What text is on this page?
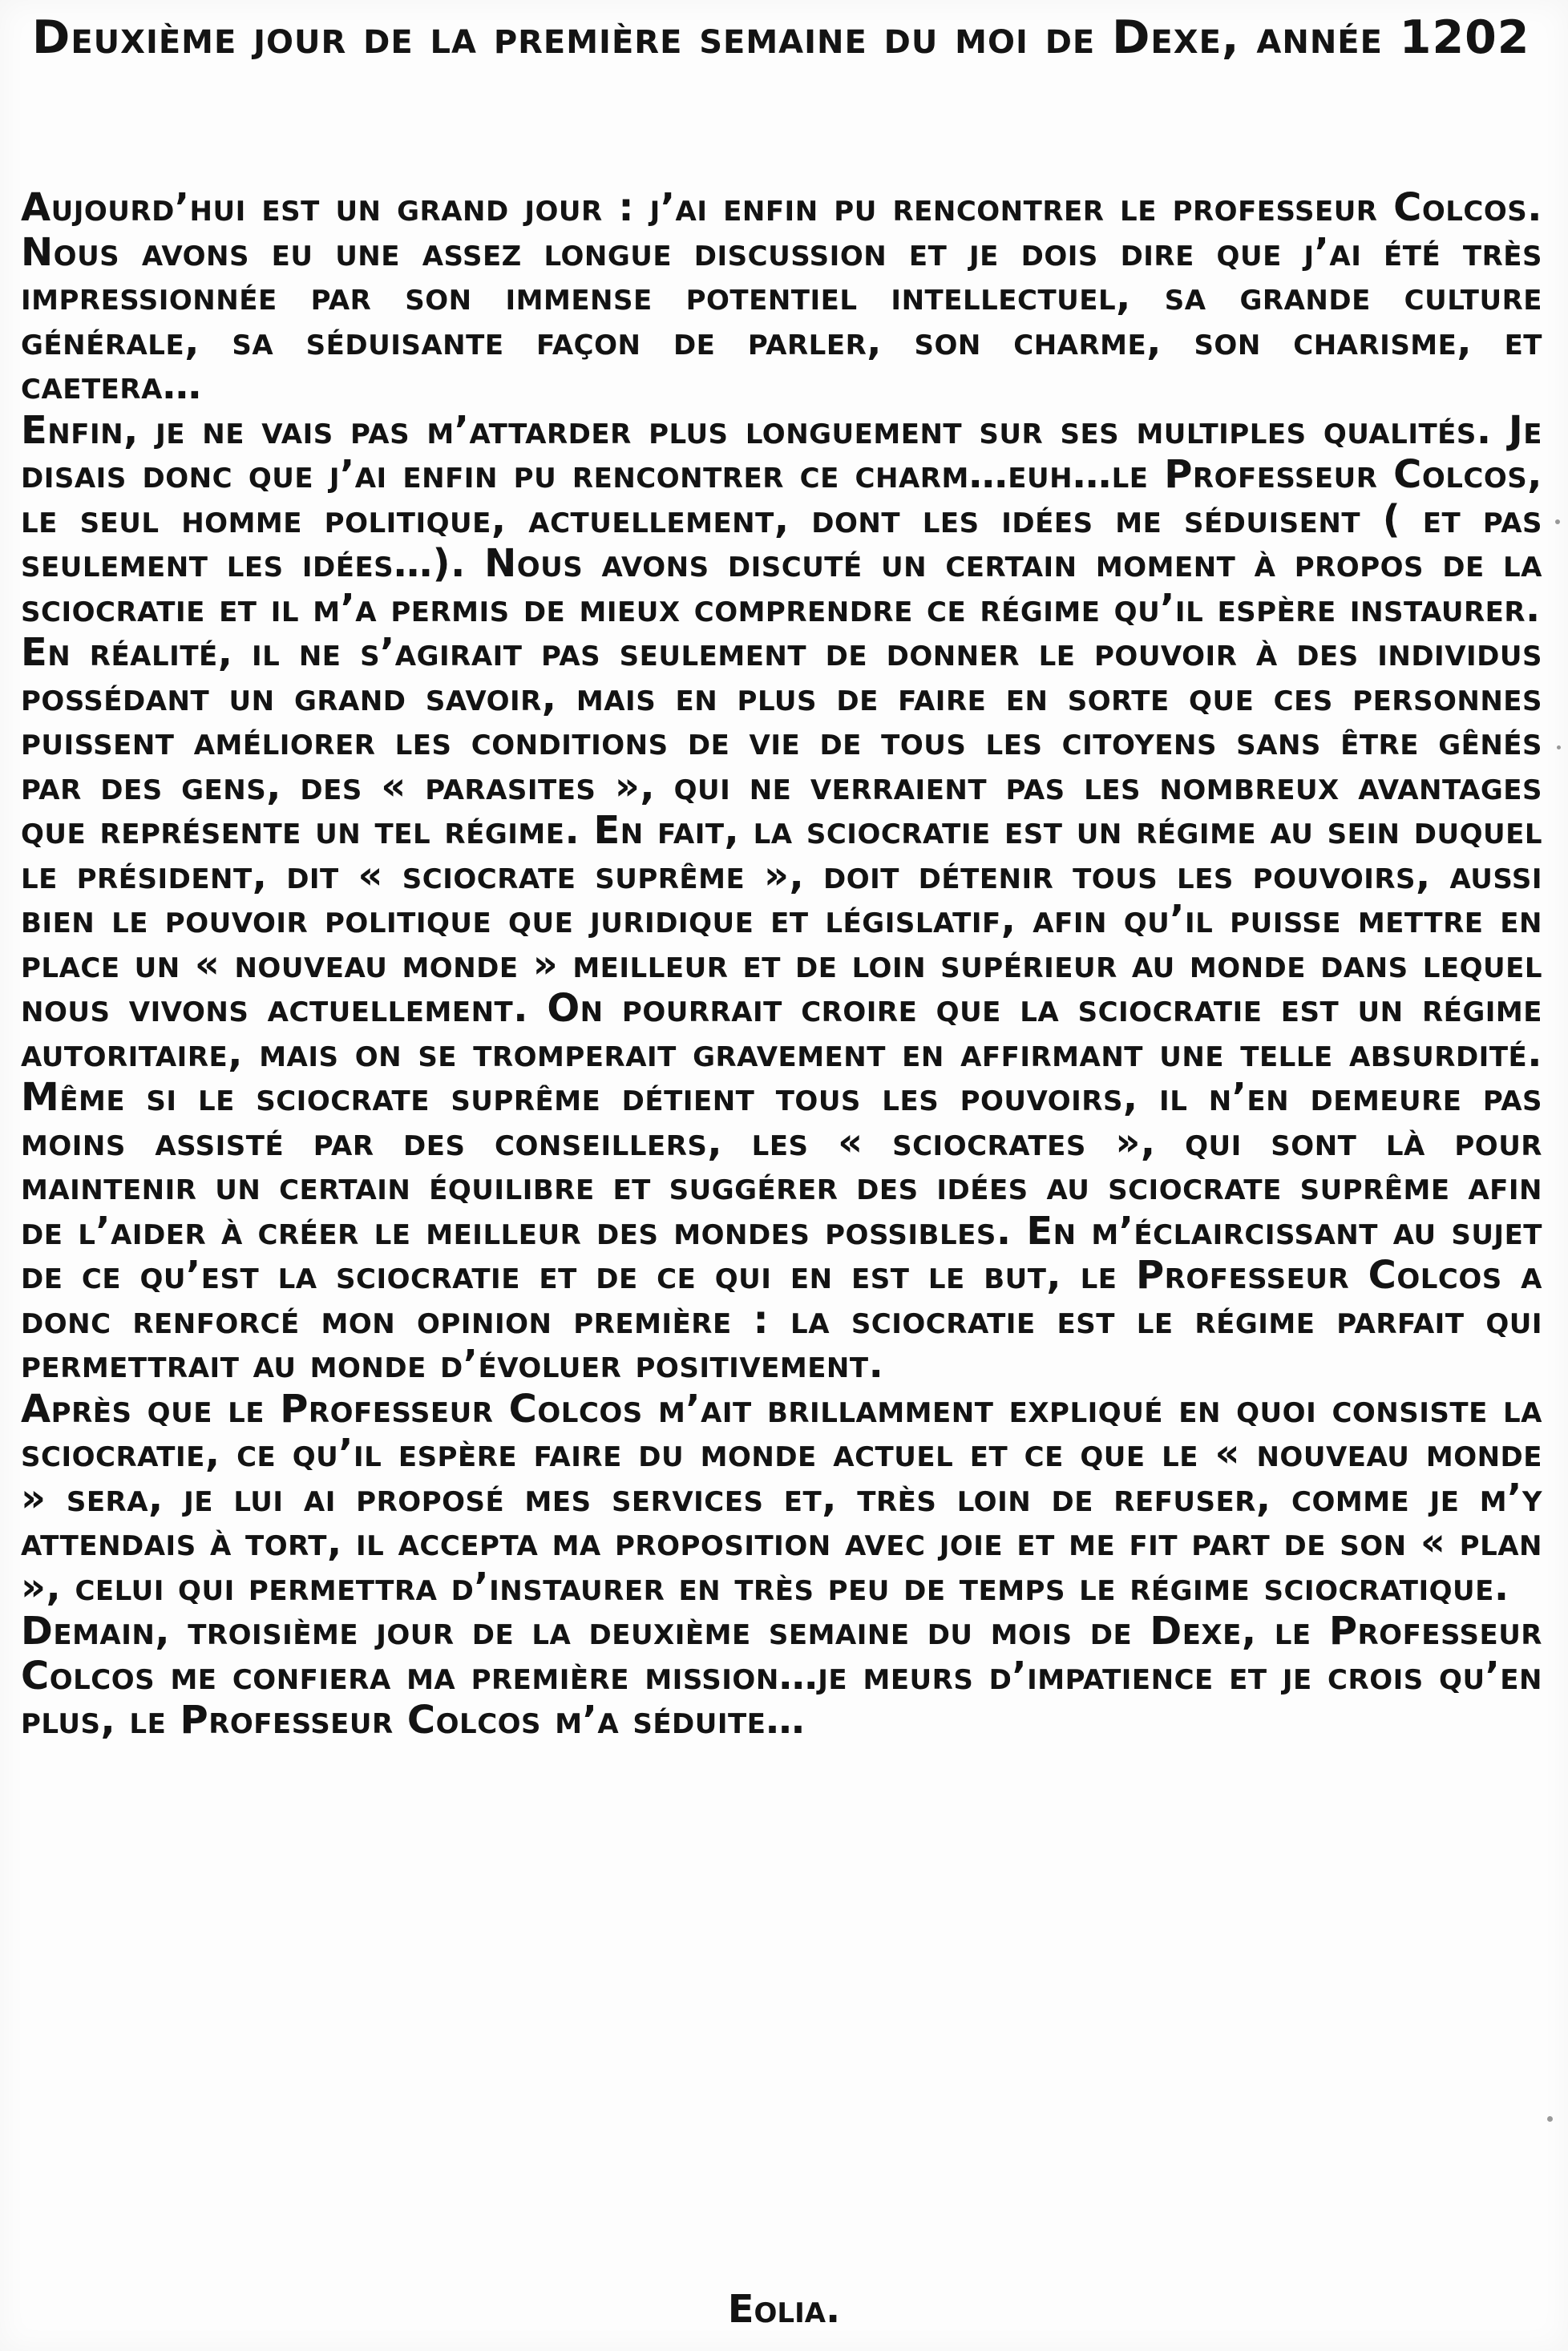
Deuxième jour de la première semaine du moi de Dexe, année 1202

Aujourd’hui est un grand jour : j’ai enfin pu rencontrer le professeur Colcos. Nous avons eu une assez longue discussion et je dois dire que j’ai été très impressionnée par son immense potentiel intellectuel, sa grande culture générale, sa séduisante façon de parler, son charme, son charisme, et caetera…

Enfin, je ne vais pas m’attarder plus longuement sur ses multiples qualités. Je disais donc que j’ai enfin pu rencontrer ce charm…euh…le Professeur Colcos, le seul homme politique, actuellement, dont les idées me séduisent ( et pas seulement les idées…). Nous avons discuté un certain moment à propos de la sciocratie et il m’a permis de mieux comprendre ce régime qu’il espère instaurer.

En réalité, il ne s’agirait pas seulement de donner le pouvoir à des individus possédant un grand savoir, mais en plus de faire en sorte que ces personnes puissent améliorer les conditions de vie de tous les citoyens sans être gênés par des gens, des « parasites », qui ne verraient pas les nombreux avantages que représente un tel régime. En fait, la sciocratie est un régime au sein duquel le président, dit « sciocrate suprême », doit détenir tous les pouvoirs, aussi bien le pouvoir politique que juridique et législatif, afin qu’il puisse mettre en place un « nouveau monde » meilleur et de loin supérieur au monde dans lequel nous vivons actuellement. On pourrait croire que la sciocratie est un régime autoritaire, mais on se tromperait gravement en affirmant une telle absurdité. Même si le sciocrate suprême détient tous les pouvoirs, il n’en demeure pas moins assisté par des conseillers, les « sciocrates », qui sont là pour maintenir un certain équilibre et suggérer des idées au sciocrate suprême afin de l’aider à créer le meilleur des mondes possibles. En m’éclaircissant au sujet de ce qu’est la sciocratie et de ce qui en est le but, le Professeur Colcos a donc renforcé mon opinion première : la sciocratie est le régime parfait qui permettrait au monde d’évoluer positivement.

Après que le Professeur Colcos m’ait brillamment expliqué en quoi consiste la sciocratie, ce qu’il espère faire du monde actuel et ce que le « nouveau monde » sera, je lui ai proposé mes services et, très loin de refuser, comme je m’y attendais à tort, il accepta ma proposition avec joie et me fit part de son « plan », celui qui permettra d’instaurer en très peu de temps le régime sciocratique.

Demain, troisième jour de la deuxième semaine du mois de Dexe, le Professeur Colcos me confiera ma première mission…je meurs d’impatience et je crois qu’en plus, le Professeur Colcos m’a séduite…

Eolia.
